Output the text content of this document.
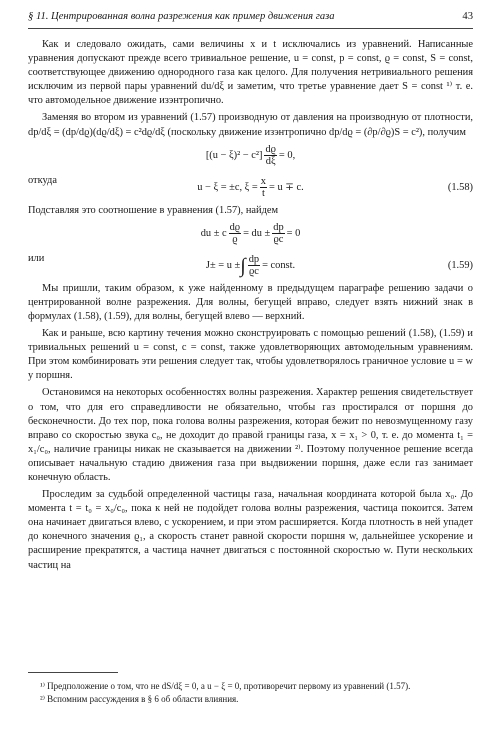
§ 11. Центрированная волна разрежения как пример движения газа	43

Как и следовало ожидать, сами величины x и t исключались из уравнений. Написанные уравнения допускают прежде всего тривиальное решение, u = const, p = const, ϱ = const, S = const, соответствующее движению однородного газа как целого. Для получения нетривиального решения исключим из первой пары уравнений du/dξ и заметим, что третье уравнение дает S = const ¹⁾ т. е. что автомодельное движение изэнтропично.

Заменяя во втором из уравнений (1.57) производную от давления на производную от плотности, dp/dξ = (dp/dϱ)(dϱ/dξ) = c²dϱ/dξ (поскольку движение изэнтропично dp/dϱ = (∂p/∂ϱ)S = c²), получим

$[(u - \xi)^2 - c^2] \frac{dϱ}{d\xi} = 0$,
откуда
u − ξ = ±c, $\xi = \frac{x}{t} = u \mp c$.	(1.58)

Подставляя это соотношение в уравнения (1.57), найдем

du ± c $\frac{dϱ}{ϱ}$ = du ± $\frac{dp}{ϱc} = 0$
или
J± = u ± ∫ $\frac{dp}{ϱc}$ = const.	(1.59)

Мы пришли, таким образом, к уже найденному в предыдущем параграфе решению задачи о центрированной волне разрежения. Для волны, бегущей вправо, следует взять нижний знак в формулах (1.58), (1.59), для волны, бегущей влево — верхний.

Как и раньше, всю картину течения можно сконструировать с помощью решений (1.58), (1.59) и тривиальных решений u = const, c = const, также удовлетворяющих автомодельным уравнениям. При этом комбинировать эти решения следует так, чтобы удовлетворялось граничное условие u = w у поршня.

Остановимся на некоторых особенностях волны разрежения. Характер решения свидетельствует о том, что для его справедливости не обязательно, чтобы газ простирался от поршня до бесконечности. До тех пор, пока голова волны разрежения, которая бежит по невозмущенному газу вправо со скоростью звука c₀, не доходит до правой границы газа, x = x₁ > 0, т. е. до момента t₁ = x₁/c₀, наличие границы никак не сказывается на движении ²⁾. Поэтому полученное решение всегда описывает начальную стадию движения газа при выдвижении поршня, даже если газ занимает конечную область.

Проследим за судьбой определенной частицы газа, начальная координата которой была x₀. До момента t = t₀ = x₀/c₀, пока к ней не подойдет голова волны разрежения, частица покоится. Затем она начинает двигаться влево, с ускорением, и при этом расширяется. Когда плотность в ней упадет до конечного значения ϱ₁, а скорость станет равной скорости поршня w, дальнейшее ускорение и расширение прекратятся, а частица начнет двигаться с постоянной скоростью w. Пути нескольких частиц на

¹⁾ Предположение о том, что не dS/dξ = 0, а u − ξ = 0, противоречит первому из уравнений (1.57).

²⁾ Вспомним рассуждения в § 6 об области влияния.
